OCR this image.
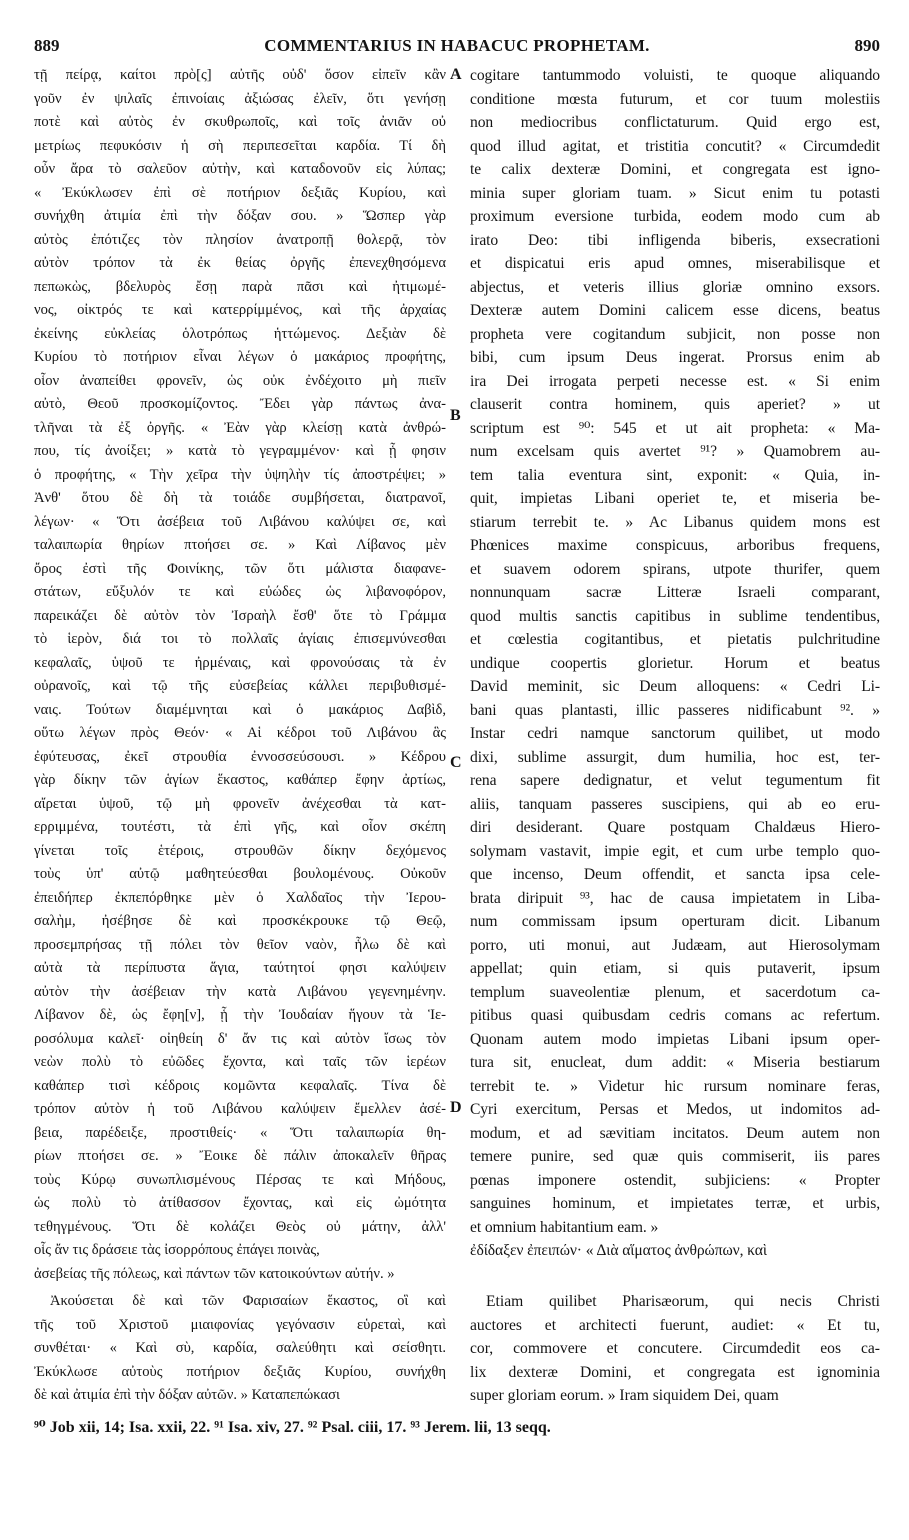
889	COMMENTARIUS IN HABACUC PROPHETAM.	890
τῇ πείρᾳ, καίτοι πρὸ[ς] αὐτῆς οὐδ' ὅσον εἰπεῖν κἂν
γοῦν ἐν ψιλαῖς ἐπινοίαις ἀξιώσας ἐλεῖν, ὅτι γενήσῃ
ποτὲ καὶ αὐτὸς ἐν σκυθρωποῖς, καὶ τοῖς ἀνιᾶν οὐ
μετρίως πεφυκόσιν ἡ σὴ περιπεσεῖται καρδία. Τί δὴ
οὖν ἄρα τὸ σαλεῦον αὐτὴν, καὶ καταδονοῦν εἰς λύπας;
« Ἐκύκλωσεν ἐπὶ σὲ ποτήριον δεξιᾶς Κυρίου, καὶ
συνήχθη ἀτιμία ἐπὶ τὴν δόξαν σου. » Ὥσπερ γὰρ
αὐτὸς ἐπότιζες τὸν πλησίον ἀνατροπῇ θολερᾷ, τὸν
αὐτὸν τρόπον τὰ ἐκ θείας ὀργῆς ἐπενεχθησόμενα
πεπωκὼς, βδελυρὸς ἔσῃ παρὰ πᾶσι καὶ ἠτιμωμέ-
νος, οἰκτρός τε καὶ κατερρίμμένος, καὶ τῆς ἀρχαίας
ἐκείνης εὐκλείας ὁλοτρόπως ἡττώμενος. Δεξιὰν δὲ
Κυρίου τὸ ποτήριον εἶναι λέγων ὁ μακάριος προφήτης,
οἷον ἀναπείθει φρονεῖν, ὡς οὐκ ἐνδέχοιτο μὴ πιεῖν
αὐτὸ, Θεοῦ προσκομίζοντος. Ἔδει γὰρ πάντως ἀνα-
τλῆναι τὰ ἐξ ὀργῆς. « Ἐὰν γὰρ κλείσῃ κατὰ ἀνθρώ-
που, τίς ἀνοίξει; » κατὰ τὸ γεγραμμένον· καὶ ᾗ φησιν
ὁ προφήτης, « Τὴν χεῖρα τὴν ὑψηλὴν τίς ἀποστρέψει; »
Ἀνθ' ὅτου δὲ δὴ τὰ τοιάδε συμβήσεται, διατρανοῖ,
λέγων· « Ὅτι ἀσέβεια τοῦ Λιβάνου καλύψει σε, καὶ
ταλαιπωρία θηρίων πτοήσει σε. » Καὶ Λίβανος μὲν
ὄρος ἐστὶ τῆς Φοινίκης, τῶν ὅτι μάλιστα διαφανε-
στάτων, εὔξυλόν τε καὶ εὐώδες ὡς λιβανοφόρον,
παρεικάζει δὲ αὐτὸν τὸν Ἰσραὴλ ἔσθ' ὅτε τὸ Γράμμα
τὸ ἱερὸν, διά τοι τὸ πολλαῖς ἁγίαις ἐπισεμνύνεσθαι
κεφαλαῖς, ὑψοῦ τε ἠρμέναις, καὶ φρονούσαις τὰ ἐν
οὐρανοῖς, καὶ τῷ τῆς εὐσεβείας κάλλει περιβυθισμέ-
ναις. Τούτων διαμέμνηται καὶ ὁ μακάριος Δαβὶδ,
οὕτω λέγων πρὸς Θεόν· « Αἱ κέδροι τοῦ Λιβάνου ἃς
ἐφύτευσας, ἐκεῖ στρουθία ἐννοσσεύσουσι. » Κέδρου
γὰρ δίκην τῶν ἁγίων ἕκαστος, καθάπερ ἔφην ἀρτίως,
αἴρεται ὑψοῦ, τῷ μὴ φρονεῖν ἀνέχεσθαι τὰ κατ-
ερριμμένα, τουτέστι, τὰ ἐπὶ γῆς, καὶ οἷον σκέπη
γίνεται τοῖς ἑτέροις, στρουθῶν δίκην δεχόμενος
τοὺς ὑπ' αὐτῷ μαθητεύεσθαι βουλομένους. Οὐκοῦν
ἐπειδήπερ ἐκπεπόρθηκε μὲν ὁ Χαλδαῖος τὴν Ἰερου-
σαλὴμ, ἠσέβησε δὲ καὶ προσκέκρουκε τῷ Θεῷ,
προσεμπρήσας τῇ πόλει τὸν θεῖον ναὸν, ἧλω δὲ καὶ
αὐτὰ τὰ περίπυστα ἅγια, ταύτητοί φησι καλύψειν
αὐτὸν τὴν ἀσέβειαν τὴν κατὰ Λιβάνου γεγενημένην.
Λίβανον δὲ, ὡς ἔφη[ν], ᾗ τὴν Ἰουδαίαν ἥγουν τὰ Ἱε-
ροσόλυμα καλεῖ· οἰηθείη δ' ἄν τις καὶ αὐτὸν ἴσως τὸν
νεὼν πολὺ τὸ εὐῶδες ἔχοντα, καὶ ταῖς τῶν ἱερέων
καθάπερ τισὶ κέδροις κομῶντα κεφαλαῖς. Τίνα δὲ
τρόπον αὐτὸν ἡ τοῦ Λιβάνου καλύψειν ἔμελλεν ἀσέ-
βεια, παρέδειξε, προστιθείς· « Ὅτι ταλαιπωρία θη-
ρίων πτοήσει σε. » Ἔοικε δὲ πάλιν ἀποκαλεῖν θῆρας
τοὺς Κύρῳ συνωπλισμένους Πέρσας τε καὶ Μήδους,
ὡς πολὺ τὸ ἀτίθασσον ἔχοντας, καὶ εἰς ὠμότητα
τεθηγμένους. Ὅτι δὲ κολάζει Θεὸς οὐ μάτην, ἀλλ'
οἷς ἄν τις δράσειε τὰς ἰσορρόπους ἐπάγει ποινὰς,
cogitare tantummodo voluisti, te quoque aliquando
conditione mœsta futurum, et cor tuum molestiis
non mediocribus conflictaturum. Quid ergo est,
quod illud agitat, et tristitia concutit? « Circumdedit
te calix dexteræ Domini, et congregata est igno-
minia super gloriam tuam. » Sicut enim tu potasti
proximum eversione turbida, eodem modo cum ab
irato Deo: tibi infligenda biberis, exsecrationi
et dispicatui eris apud omnes, miserabilisque et
abjectus, et veteris illius gloriæ omnino exsors.
Dexteræ autem Domini calicem esse dicens, beatus
propheta vere cogitandum subjicit, non posse non
bibi, cum ipsum Deus ingerat. Prorsus enim ab
ira Dei irrogata perpeti necesse est. « Si enim
clauserit contra hominem, quis aperiet? » ut
scriptum est ⁹⁰: 545 et ut ait propheta: « Ma-
num excelsam quis avertet ⁹¹? » Quamobrem au-
tem talia eventura sint, exponit: « Quia, in-
quit, impietas Libani operiet te, et miseria be-
stiarum terrebit te. » Ac Libanus quidem mons est
Phœnices maxime conspicuus, arboribus frequens,
et suavem odorem spirans, utpote thurifer, quem
nonnunquam sacræ Litteræ Israeli comparant,
quod multis sanctis capitibus in sublime tendentibus,
et cœlestia cogitantibus, et pietatis pulchritudine
undique coopertis glorietur. Horum et beatus
David meminit, sic Deum alloquens: « Cedri Li-
bani quas plantasti, illic passeres nidificabunt ⁹². »
Instar cedri namque sanctorum quilibet, ut modo
dixi, sublime assurgit, dum humilia, hoc est, ter-
rena sapere dedignatur, et velut tegumentum fit
aliis, tanquam passeres suscipiens, qui ab eo eru-
diri desiderant. Quare postquam Chaldæus Hiero-
solymam vastavit, impie egit, et cum urbe templo quo-
que incenso, Deum offendit, et sancta ipsa cele-
brata diripuit ⁹³, hac de causa impietatem in Liba-
num commissam ipsum operturam dicit. Libanum
porro, uti monui, aut Judæam, aut Hierosolymam
appellat; quin etiam, si quis putaverit, ipsum
templum suaveolentiæ plenum, et sacerdotum ca-
pitibus quasi quibusdam cedris comans ac refertum.
Quonam autem modo impietas Libani ipsum oper-
tura sit, enucleat, dum addit: « Miseria bestiarum
terrebit te. » Videtur hic rursum nominare feras,
Cyri exercitum, Persas et Medos, ut indomitos ad-
modum, et ad sævitiam incitatos. Deum autem non
temere punire, sed quæ quis commiserit, iis pares
pœnas imponere ostendit, subjiciens: « Propter
sanguines hominum, et impietates terræ, et urbis,
et omnium habitantium eam. »
ἐδίδαξεν ἐπειπών· « Διὰ αἵματος ἀνθρώπων, καὶ
A
B
C
D
ἀσεβείας τῆς πόλεως, καὶ πάντων τῶν κατοικούντων αὐτήν. »
Ἀκούσεται δὲ καὶ τῶν Φαρισαίων ἕκαστος, οἳ καὶ
τῆς τοῦ Χριστοῦ μιαιφονίας γεγόνασιν εὑρεταὶ, καὶ
συνθέται· « Καὶ σὺ, καρδία, σαλεύθητι καὶ σείσθητι.
Ἐκύκλωσε αὐτοὺς ποτήριον δεξιᾶς Κυρίου, συνήχθη
δὲ καὶ ἀτιμία ἐπὶ τὴν δόξαν αὐτῶν. » Καταπεπώκασι
Etiam quilibet Pharisæorum, qui necis Christi
auctores et architecti fuerunt, audiet: « Et tu,
cor, commovere et concutere. Circumdedit eos ca-
lix dexteræ Domini, et congregata est ignominia
super gloriam eorum. » Iram siquidem Dei, quam
⁹⁰ Job xii, 14; Isa. xxii, 22. ⁹¹ Isa. xiv, 27. ⁹² Psal. ciii, 17. ⁹³ Jerem. lii, 13 seqq.
